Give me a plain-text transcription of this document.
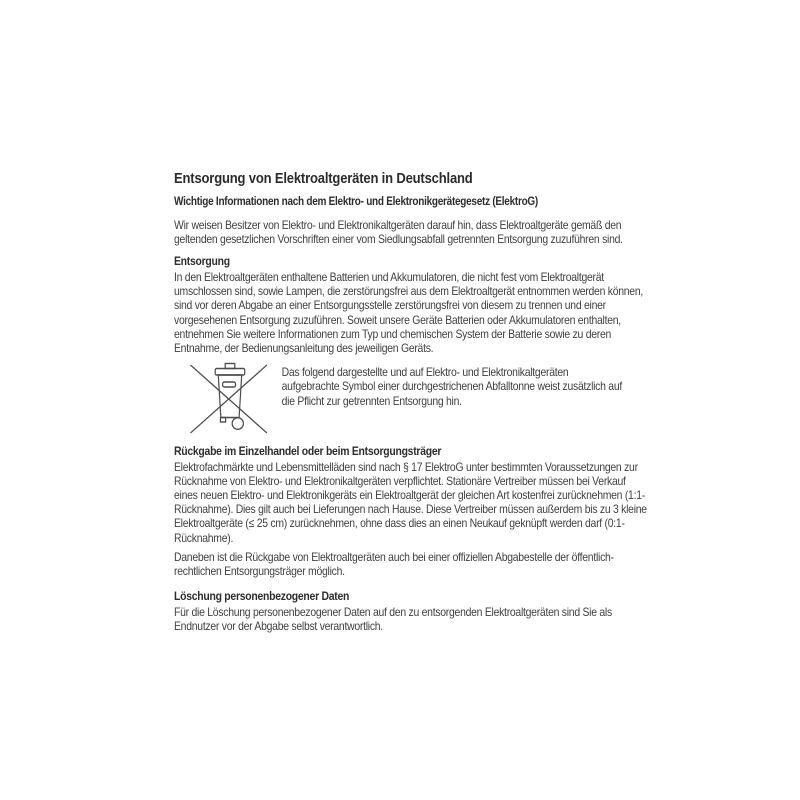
Entsorgung von Elektroaltgeräten in Deutschland
Wichtige Informationen nach dem Elektro- und Elektronikgerätegesetz (ElektroG)

Wir weisen Besitzer von Elektro- und Elektronikaltgeräten darauf hin, dass Elektroaltgeräte gemäß den geltenden gesetzlichen Vorschriften einer vom Siedlungsabfall getrennten Entsorgung zuzuführen sind.

Entsorgung

In den Elektroaltgeräten enthaltene Batterien und Akkumulatoren, die nicht fest vom Elektroaltgerät umschlossen sind, sowie Lampen, die zerstörungsfrei aus dem Elektroaltgerät entnommen werden können, sind vor deren Abgabe an einer Entsorgungsstelle zerstörungsfrei von diesem zu trennen und einer vorgesehenen Entsorgung zuzuführen. Soweit unsere Geräte Batterien oder Akkumulatoren enthalten, entnehmen Sie weitere Informationen zum Typ und chemischen System der Batterie sowie zu deren Entnahme, der Bedienungsanleitung des jeweiligen Geräts.

Das folgend dargestellte und auf Elektro- und Elektronikaltgeräten aufgebrachte Symbol einer durchgestrichenen Abfalltonne weist zusätzlich auf die Pflicht zur getrennten Entsorgung hin.

Rückgabe im Einzelhandel oder beim Entsorgungsträger

Elektrofachmärkte und Lebensmittelläden sind nach § 17 ElektroG unter bestimmten Voraussetzungen zur Rücknahme von Elektro- und Elektronikaltgeräten verpflichtet. Stationäre Vertreiber müssen bei Verkauf eines neuen Elektro- und Elektronikgeräts ein Elektroaltgerät der gleichen Art kostenfrei zurücknehmen (1:1-Rücknahme). Dies gilt auch bei Lieferungen nach Hause. Diese Vertreiber müssen außerdem bis zu 3 kleine Elektroaltgeräte (≤ 25 cm) zurücknehmen, ohne dass dies an einen Neukauf geknüpft werden darf (0:1-Rücknahme).

Daneben ist die Rückgabe von Elektroaltgeräten auch bei einer offiziellen Abgabestelle der öffentlich-rechtlichen Entsorgungsträger möglich.

Löschung personenbezogener Daten

Für die Löschung personenbezogener Daten auf den zu entsorgenden Elektroaltgeräten sind Sie als Endnutzer vor der Abgabe selbst verantwortlich.
